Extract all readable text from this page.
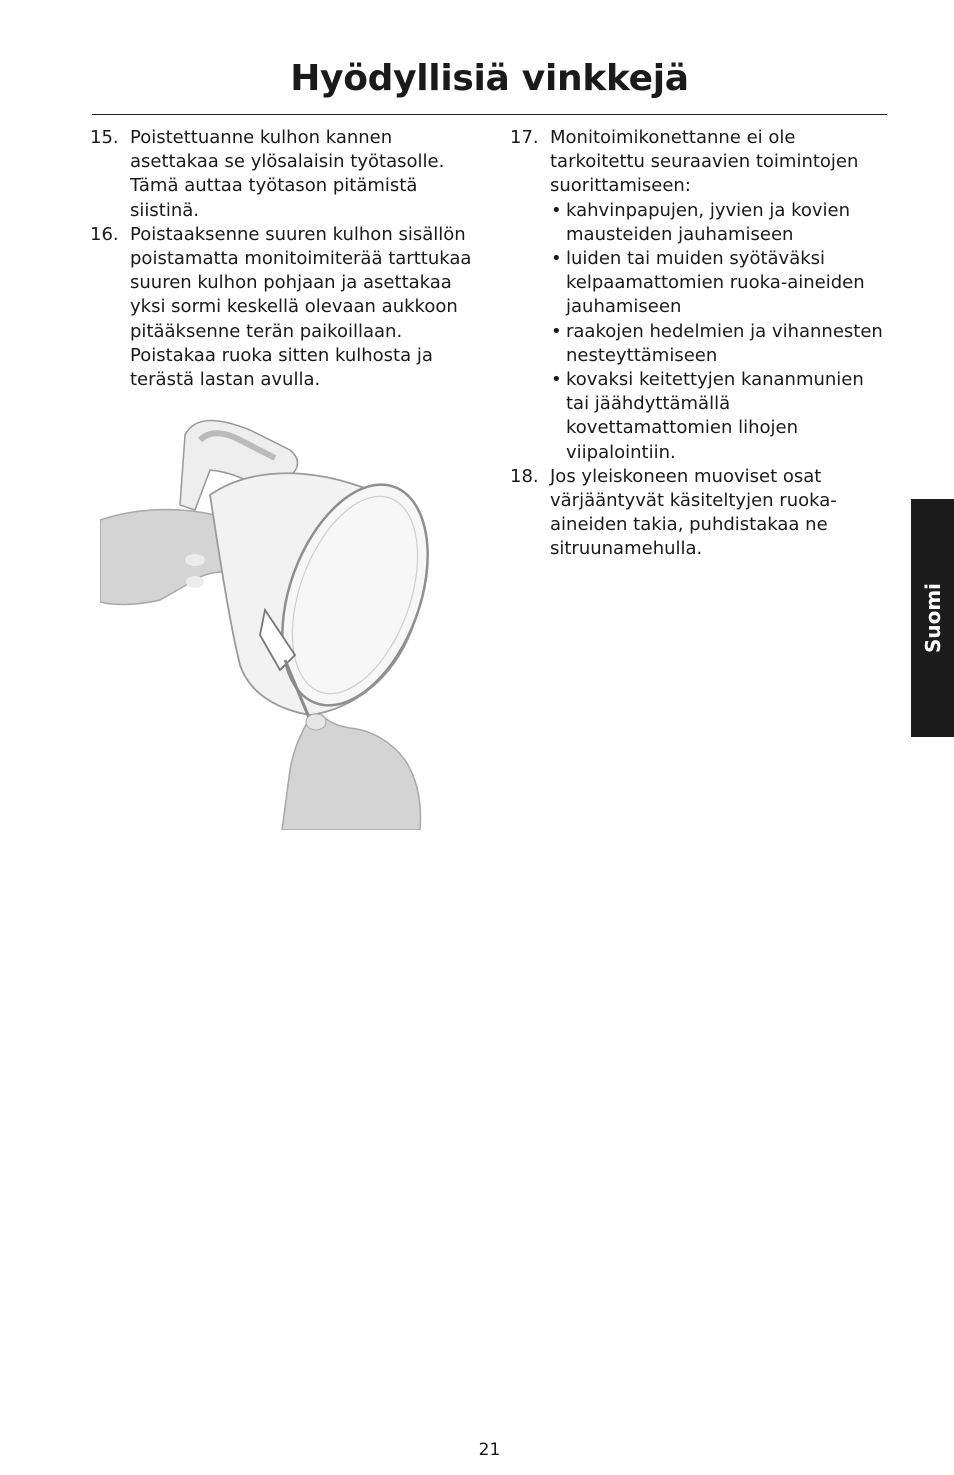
Hyödyllisiä vinkkejä
15. Poistettuanne kulhon kannen asettakaa se ylösalaisin työtasolle. Tämä auttaa työtason pitämistä siistinä.
16. Poistaaksenne suuren kulhon sisällön poistamatta monitoimiterää tarttukaa suuren kulhon pohjaan ja asettakaa yksi sormi keskellä olevaan aukkoon pitääksenne terän paikoillaan. Poistakaa ruoka sitten kulhosta ja terästä lastan avulla.
17. Monitoimikonettanne ei ole tarkoitettu seuraavien toimintojen suorittamiseen:
• kahvinpapujen, jyvien ja kovien mausteiden jauhamiseen
• luiden tai muiden syötäväksi kelpaamattomien ruoka-aineiden jauhamiseen
• raakojen hedelmien ja vihannesten nesteyttämiseen
• kovaksi keitettyjen kananmunien tai jäähdyttämällä kovettamattomien lihojen viipalointiin.
18. Jos yleiskoneen muoviset osat värjääntyvät käsiteltyjen ruoka-aineiden takia, puhdistakaa ne sitruunamehulla.
Suomi
21
